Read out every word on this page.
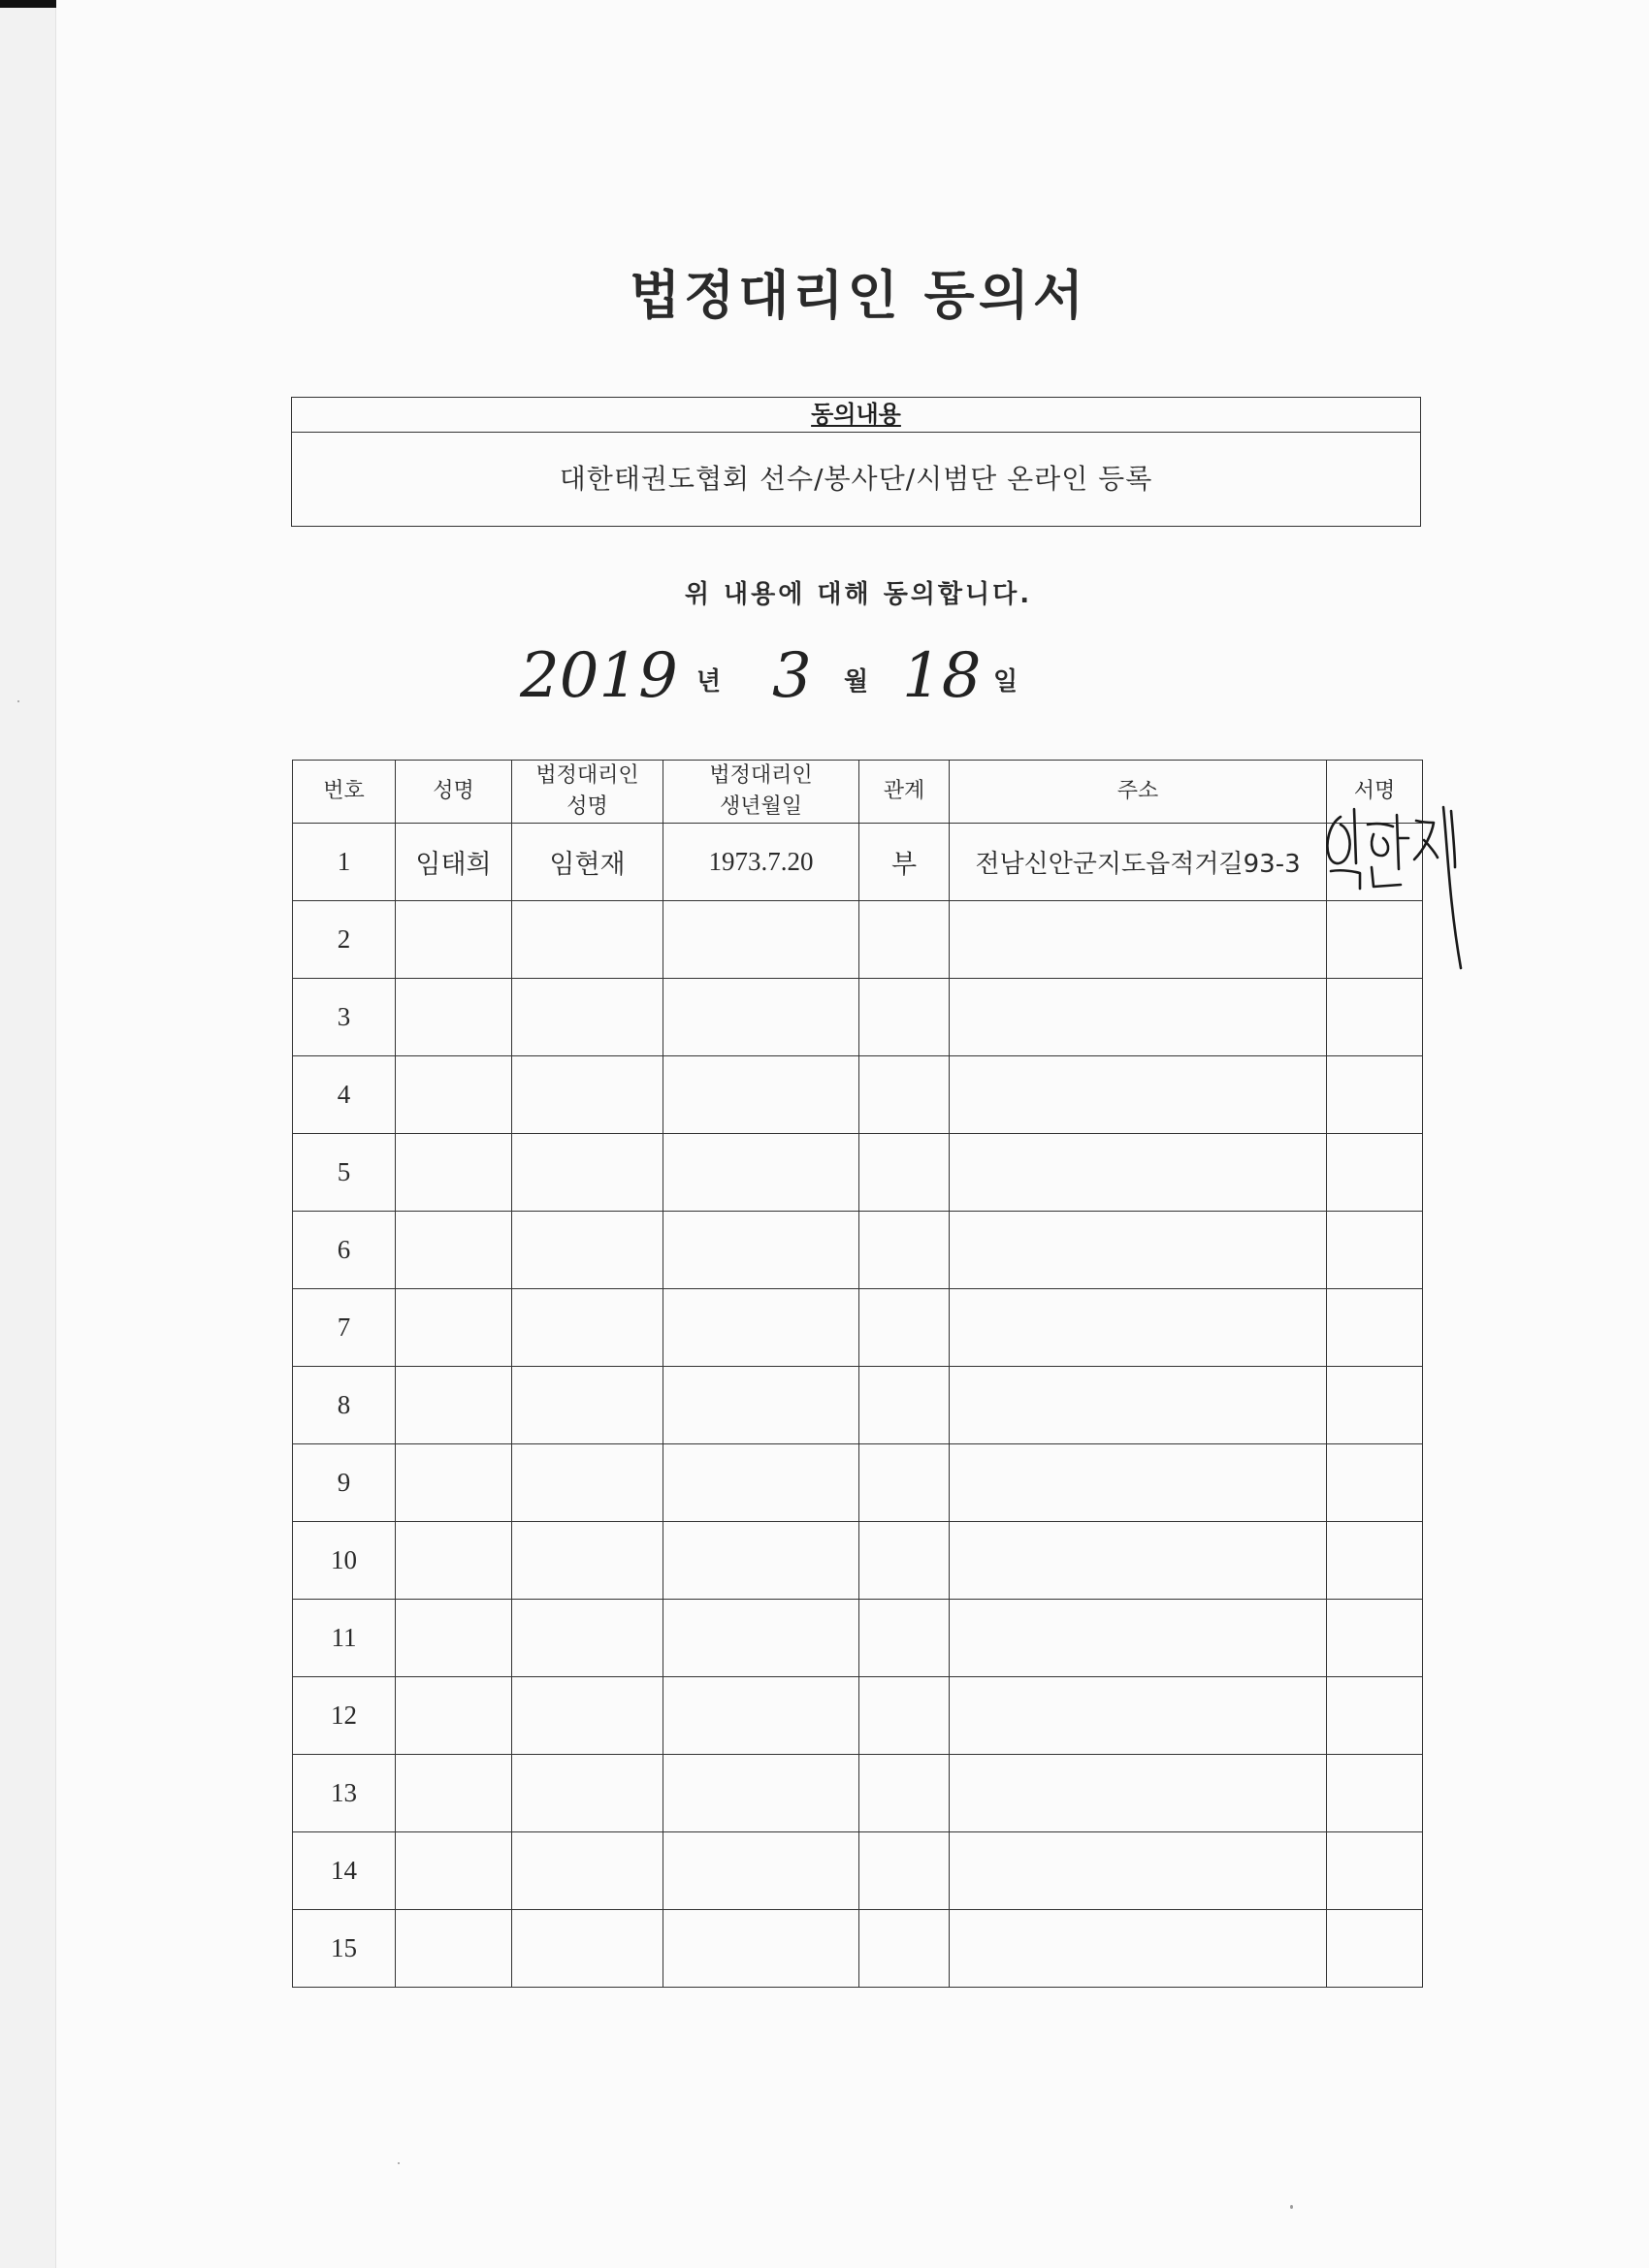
법정대리인 동의서
동의내용
대한태권도협회 선수/봉사단/시범단 온라인 등록
위 내용에 대해 동의합니다.
2019 년 3 월 18 일
번호	성명	법정대리인 성명	법정대리인 생년월일	관계	주소	서명
1	임태희	임현재	1973.7.20	부	전남신안군지도읍적거길93-3	
2						
3						
4						
5						
6						
7						
8						
9						
10						
11						
12						
13						
14						
15						
